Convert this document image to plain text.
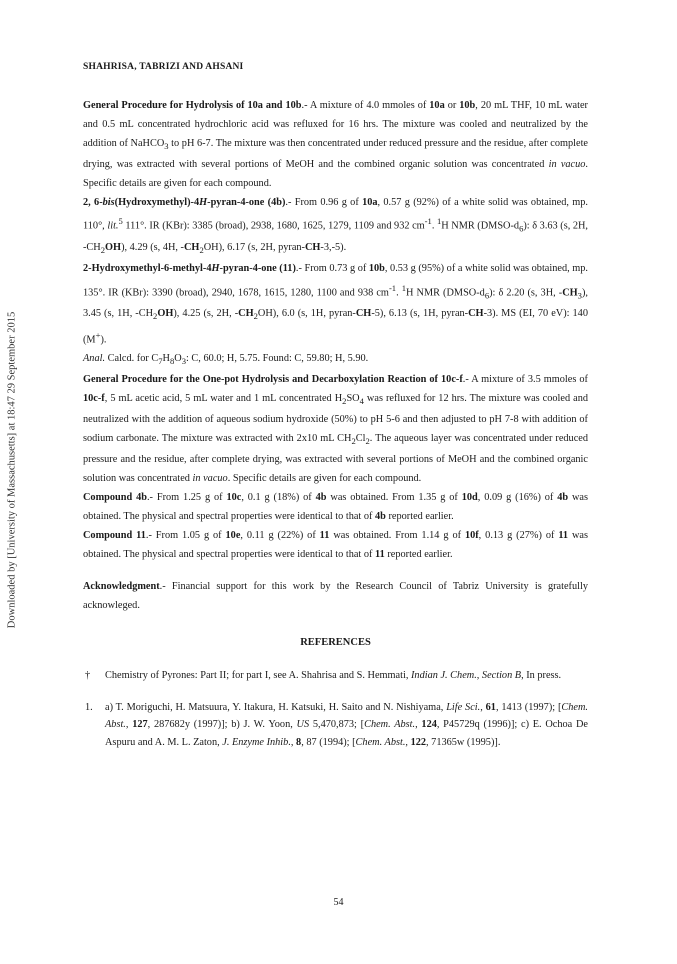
Downloaded by [University of Massachusetts] at 18:47 29 September 2015
SHAHRISA, TABRIZI AND AHSANI

General Procedure for Hydrolysis of 10a and 10b.- A mixture of 4.0 mmoles of 10a or 10b, 20 mL THF, 10 mL water and 0.5 mL concentrated hydrochloric acid was refluxed for 16 hrs. The mixture was cooled and neutralized by the addition of NaHCO$_3$ to pH 6-7. The mixture was then concentrated under reduced pressure and the residue, after complete drying, was extracted with several portions of MeOH and the combined organic solution was concentrated in vacuo. Specific details are given for each compound.

2, 6-bis(Hydroxymethyl)-4H-pyran-4-one (4b).- From 0.96 g of 10a, 0.57 g (92%) of a white solid was obtained, mp. 110°, lit.$^5$ 111°. IR (KBr): 3385 (broad), 2938, 1680, 1625, 1279, 1109 and 932 $cm^{-1}$. $^1$H NMR $(DMSO-d_6)$: δ 3.63 (s, 2H, $-CH_2OH$), 4.29 (s, 4H, $-CH_2OH$), 6.17 (s, 2H, pyran-CH-3,-5).

2-Hydroxymethyl-6-methyl-4H-pyran-4-one (11).- From 0.73 g of 10b, 0.53 g (95%) of a white solid was obtained, mp. 135°. IR (KBr): 3390 (broad), 2940, 1678, 1615, 1280, 1100 and 938 $cm^{-1}$. $^1$H NMR $(DMSO-d_6)$: δ 2.20 (s, 3H, $-CH_3$), 3.45 (s, 1H, $-CH_2OH$), 4.25 (s, 2H, $-CH_2OH$), 6.0 (s, 1H, pyran-CH-5), 6.13 (s, 1H, pyran-CH-3). MS (EI, 70 eV): 140 (M+).

Anal. Calcd. for $C_7H_8O_3$: C, 60.0; H, 5.75. Found: C, 59.80; H, 5.90.

General Procedure for the One-pot Hydrolysis and Decarboxylation Reaction of 10c-f.- A mixture of 3.5 mmoles of 10c-f, 5 mL acetic acid, 5 mL water and 1 mL concentrated $H_2SO_4$ was refluxed for 12 hrs. The mixture was cooled and neutralized with the addition of aqueous sodium hydroxide (50%) to pH 5-6 and then adjusted to pH 7-8 with addition of sodium carbonate. The mixture was extracted with 2x10 mL $CH_2Cl_2$. The aqueous layer was concentrated under reduced pressure and the residue, after complete drying, was extracted with several portions of MeOH and the combined organic solution was concentrated in vacuo. Specific details are given for each compound.

Compound 4b.- From 1.25 g of 10c, 0.1 g (18%) of 4b was obtained. From 1.35 g of 10d, 0.09 g (16%) of 4b was obtained. The physical and spectral properties were identical to that of 4b reported earlier.

Compound 11.- From 1.05 g of 10e, 0.11 g (22%) of 11 was obtained. From 1.14 g of 10f, 0.13 g (27%) of 11 was obtained. The physical and spectral properties were identical to that of 11 reported earlier.

Acknowledgment.- Financial support for this work by the Research Council of Tabriz University is gratefully acknowleged.

REFERENCES
† Chemistry of Pyrones: Part II; for part I, see A. Shahrisa and S. Hemmati, Indian J. Chem., Section B, In press.
1. a) T. Moriguchi, H. Matsuura, Y. Itakura, H. Katsuki, H. Saito and N. Nishiyama, Life Sci., 61, 1413 (1997); [Chem. Abst., 127, 287682y (1997)]; b) J. W. Yoon, US 5,470,873; [Chem. Abst., 124, P45729q (1996)]; c) E. Ochoa De Aspuru and A. M. L. Zaton, J. Enzyme Inhib., 8, 87 (1994); [Chem. Abst., 122, 71365w (1995)].
54
